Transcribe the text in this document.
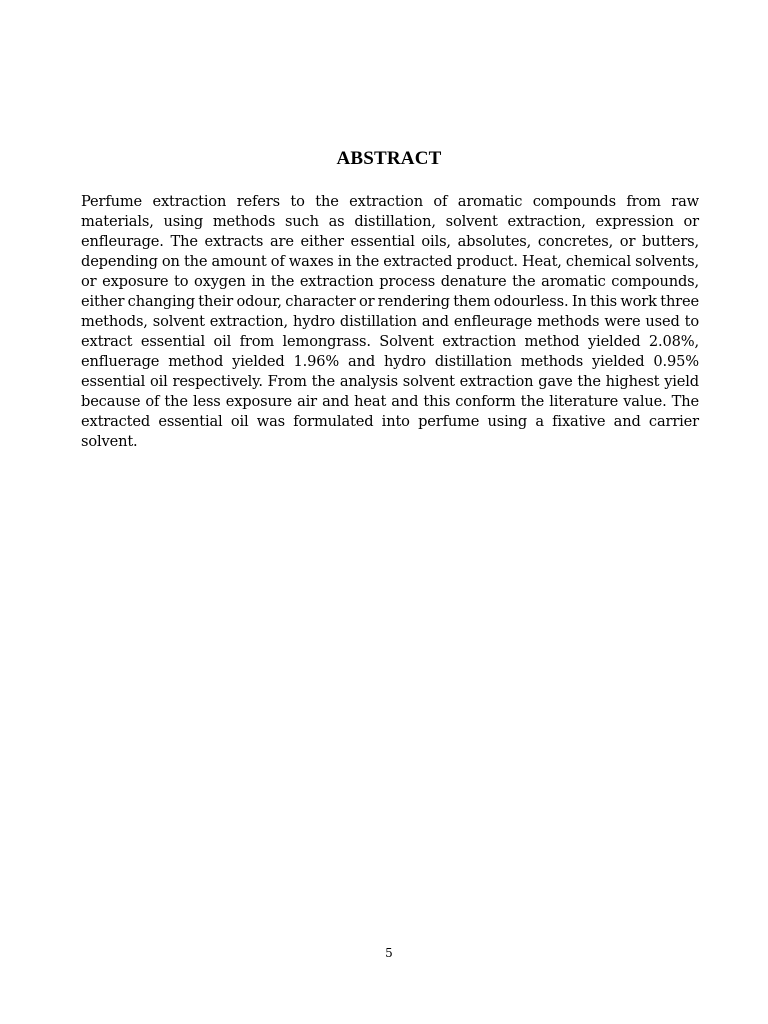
ABSTRACT

Perfume extraction refers to the extraction of aromatic compounds from raw materials, using methods such as distillation, solvent extraction, expression or enfleurage. The extracts are either essential oils, absolutes, concretes, or butters, depending on the amount of waxes in the extracted product. Heat, chemical solvents, or exposure to oxygen in the extraction process denature the aromatic compounds, either changing their odour, character or rendering them odourless. In this work three methods, solvent extraction, hydro distillation and enfleurage methods were used to extract essential oil from lemongrass. Solvent extraction method yielded 2.08%, enfluerage method yielded 1.96% and hydro distillation methods yielded 0.95% essential oil respectively. From the analysis solvent extraction gave the highest yield because of the less exposure air and heat and this conform the literature value. The extracted essential oil was formulated into perfume using a fixative and carrier solvent.

5
